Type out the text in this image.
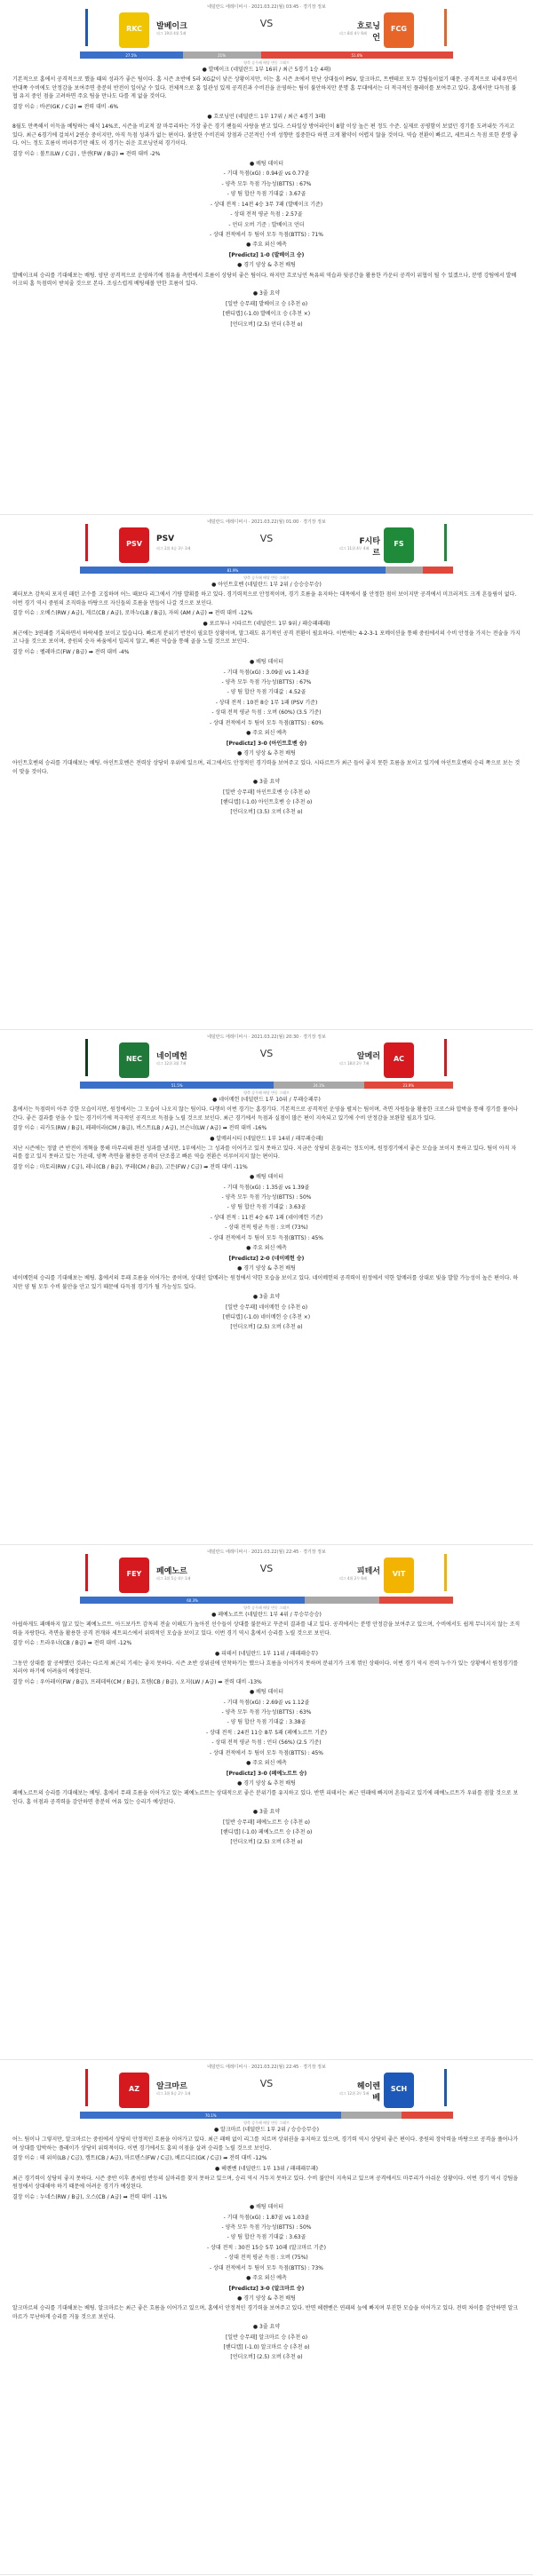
네덜란드 에레디비시 · 2021.03.22(월) 03:45 · 경기장 정보
RKC	FCG
발베이크
리그 19위 4위 5패
흐로닝언
리그 8위 4무 6패
VS
27.5%	21%	51.6%
양측 승무패 배당 변동 그래프
● 발베이크 (네덜란드 1부 16위 / 최근 5경기 1승 4패)
기본적으로 홈에서 공격적으로 했을 때의 성과가 좋은 팀이다. 홈 시즌 초반에 5라 XG값이 낮은 상황이지만, 이는 홈 시즌 초에서 만난 상대들이 PSV, 알크마르, 트벤테로 모두 강팀들이었기 때문. 공격적으로 내세우면서 반대쪽 수비에도 안정감을 보여주면 충분히 반전이 일어날 수 있다. 전체적으로 홈 일관성 있게 공격진과 수비진을 운영하는 팀이 불안하지만 분명 홈 무대에서는 더 적극적인 플레이를 보여주고 있다. 홈에서만 다득점 불협 유지 중인 점을 고려하면 주요 팀을 만나도 다를 게 없을 것이다.
결장 이슈 : 바콘(GK / C급) ➡ 전력 대비 -6%
● 흐로닝언 (네덜란드 1부 17위 / 최근 4경기 3패)
8월도 만족해서 이득을 베팅하는 해석 14%로, 시즌을 비교적 잘 마무리하는 가장 좋은 경기 팬들의 사랑을 받고 있다. 스타일상 방어라인이 8할 이상 높은 편 정도 수준. 실제로 공평함이 보였던 경기를 도려내듯 가지고 있다. 최근 6경기에 걸쳐서 2연승 중이지만, 아직 득점 성과가 없는 편이다. 불안한 수비진의 장점과 근본적인 수비 성향만 집중한다 하면 크게 활약이 어렵지 않을 것이다. 역습 전환이 빠르고, 세트피스 득점 또한 분명 좋다. 어느 정도 흐름이 버텨주기만 해도 이 경기는 쉬운 흐로닝언의 경기이다.
결장 이슈 : 볼트(LW / C급) , 얀센(FW / B급) ➡ 전력 대비 -2%
● 배팅 데이터
- 기대 득점(xG) : 0.94골 vs 0.77골
- 양측 모두 득점 가능성(BTTS) : 67%
- 양 팀 합산 득점 기대값 : 3.67골
- 상대 전적 : 14전 4승 3무 7패 (발베이크 기준)
- 상대 전적 평균 득점 : 2.57골
- 언더 오버 기준 : 발베이크 언더
- 상대 전적에서 두 팀이 모두 득점(BTTS) : 71%
● 주요 외신 예측
[Predictz] 1-0 (발베이크 승)
● 경기 양상 & 추천 배팅
발베이크의 승리를 기대해보는 배팅. 양단 공격적으로 운영하기에 점유율 측면에서 흐름이 상당히 좋은 팀이다. 하지만 흐로닝언 특유의 역습과 뒷공간을 활용한 카운터 공격이 위협이 될 수 있겠으나, 분명 강팀에서 발베이크의 홈 득점력이 받쳐줄 것으로 본다. 조심스럽게 베팅해볼 만한 흐름이 있다.
● 3줄 요약
[일반 승무패] 발베이크 승 (추천 o)
[핸디캡] (-1.0) 발베이크 승 (추천 ×)
[언더오버] (2.5) 언더 (추천 o)
네덜란드 에레디비시 · 2021.03.22(월) 01:00 · 경기장 정보
PSV	FS
PSV
리그 2위 4승 3무 3패
F시타르
리그 11위 4무 4패
VS
81.9%
양측 승무패 배당 변동 그래프
● 아인트호벤 (네덜란드 1부 2위 / 승승승무승)
페터보츠 감독의 포지션 패턴 고수를 고집하며 어느 때보다 리그에서 기량 발휘를 하고 있다. 경기력적으로 안정적이며, 경기 흐름을 유지하는 대목에서 불 안정한 점이 보이지만 공격에서 미끄러져도 크게 흔들림이 없다. 이번 경기 역시 중원의 조직력을 바탕으로 자신들의 흐름을 만들어 나갈 것으로 보인다.
결장 이슈 : 오베스(RW / A급), 게르(CB / A급), 로마누(LB / B급), 자의 (AM / A급) ➡ 전력 대비 -12%
● 포르투나 시타르트 (네덜란드 1부 9위 / 패승패패패)
최근에는 3연패를 기록하면서 하락세를 보이고 있습니다. 빠르게 분위기 반전이 필요한 상황이며, 말그래도 유기적인 공격 전환이 필요하다. 이번에는 4-2-3-1 포메이션을 통해 중원에서의 수비 안정을 가지는 전술을 가지고 나올 것으로 보이며, 중원의 숫자 싸움에서 밀리지 않고, 빠른 역습을 통해 골을 노릴 것으로 보인다.
결장 이슈 : 펠레마르(FW / B급) ➡ 전력 대비 -4%
● 배팅 데이터
- 기대 득점(xG) : 3.09골 vs 1.43골
- 양측 모두 득점 가능성(BTTS) : 67%
- 양 팀 합산 득점 기대값 : 4.52골
- 상대 전적 : 10전 8승 1무 1패 (PSV 기준)
- 상대 전적 평균 득점 : 오버 (60%) (3.5 기준)
- 상대 전적에서 두 팀이 모두 득점(BTTS) : 60%
● 주요 외신 예측
[Predictz] 3-0 (아인트호벤 승)
● 경기 양상 & 추천 배팅
아인트호벤의 승리를 기대해보는 베팅. 아인트호벤은 전력상 상당히 우위에 있으며, 리그에서도 안정적인 경기력을 보여주고 있다. 시타르트가 최근 들어 좋지 못한 흐름을 보이고 있기에 아인트호벤의 승리 쪽으로 보는 것이 맞을 것이다.
● 3줄 요약
[일반 승무패] 아인트호벤 승 (추천 o)
[핸디캡] (-1.0) 아인트호벤 승 (추천 o)
[언더오버] (3.5) 오버 (추천 o)
네덜란드 에레디비시 · 2021.03.22(월) 20:30 · 경기장 정보
NEC	AC
네이메헌
리그 12위 3위 7패
알메러
리그 18위 2무 7패
VS
51.5%	24.1%	23.9%
양측 승무패 배당 변동 그래프
● 네이메헌 (네덜란드 1부 10위 / 무패승패무)
홈에서는 득점력이 아주 강한 모습이지만, 원정에서는 그 모습이 나오지 않는 팀이다. 다행히 이번 경기는 홈경기다. 기본적으로 공격적인 운영을 펼치는 팀이며, 측면 자원들을 활용한 크로스와 압박을 통해 경기를 풀어나간다. 좋은 결과를 얻을 수 있는 경기이기에 적극적인 공격으로 득점을 노릴 것으로 보인다. 최근 경기에서 득점과 실점이 많은 편이 지속되고 있기에 수비 안정감을 보완할 필요가 있다.
결장 이슈 : 리카도(RW / B급), 페레이라(CM / B급), 버스트(LB / A급), 브슨너(LW / A급) ➡ 전력 대비 -16%
● 알메러시티 (네덜란드 1부 14위 / 패무패승패)
지난 시즌에는 정말 큰 반전이 개혁을 통해 마무리해 완전 성과를 냈지만, 1부에서는 그 성과를 이어가고 있지 못하고 있다. 지금은 상당히 흔들리는 정도이며, 원정경기에서 좋은 모습을 보이지 못하고 있다. 팀이 아직 자리를 잡고 있지 못하고 있는 가운데, 양쪽 측면을 활용한 공격이 단조롭고 빠른 역습 전환은 이루어지지 않는 편이다.
결장 이슈 : 마토리(RW / C급), 레니(CB / B급), 쿠레(CM / B급), 고든(FW / C급) ➡ 전력 대비 -11%
● 배팅 데이터
- 기대 득점(xG) : 1.35골 vs 1.39골
- 양측 모두 득점 가능성(BTTS) : 50%
- 양 팀 합산 득점 기대값 : 3.63골
- 상대 전적 : 11전 4승 6무 1패 (네이메헌 기준)
- 상대 전적 평균 득점 : 오버 (73%)
- 상대 전적에서 두 팀이 모두 득점(BTTS) : 45%
● 주요 외신 예측
[Predictz] 2-0 (네이메헌 승)
● 경기 양상 & 추천 배팅
네이메헌의 승리를 기대해보는 베팅. 홈에서의 무패 흐름을 이어가는 중이며, 상대인 알메러는 원정에서 약한 모습을 보이고 있다. 네이메헌의 공격력이 원정에서 약한 알메러를 상대로 빛을 발할 가능성이 높은 편이다. 하지만 양 팀 모두 수비 불안을 안고 있기 때문에 다득점 경기가 될 가능성도 있다.
● 3줄 요약
[일반 승무패] 네이메헌 승 (추천 o)
[핸디캡] (-1.0) 네이메헌 승 (추천 ×)
[언더오버] (2.5) 오버 (추천 o)
네덜란드 에레디비시 · 2021.03.22(월) 22:45 · 경기장 정보
FEY	VIT
페예노르
리그 3위 5승 4무 1패
피테서
리그 4위 2무 6패
VS
60.3%
양측 승무패 배당 변동 그래프
● 페예노르트 (네덜란드 1부 4위 / 무승무승승)
아쉽하게도 패배하지 않고 있는 페예노르트. 아드보카트 감독의 전술 이해도가 높아진 선수들이 상대를 불문하고 꾸준히 결과를 내고 있다. 공격에서는 분명 안정감을 보여주고 있으며, 수비에서도 쉽게 무너지지 않는 조직력을 자랑한다. 측면을 활용한 공격 전개와 세트피스에서 위력적인 모습을 보이고 있다. 이번 경기 역시 홈에서 승리를 노릴 것으로 보인다.
결장 이슈 : 트라우너(CB / B급) ➡ 전력 대비 -12%
● 피테서 (네덜란드 1부 11위 / 패패패승무)
그동안 상대를 잘 공략했던 것과는 다르게 최근의 기세는 좋지 못하다. 시즌 초반 상위권에 안착하기는 했으나 흐름을 이어가지 못하며 분위기가 크게 꺾인 상태이다. 이번 경기 역시 전력 누수가 있는 상황에서 원정경기를 치러야 하기에 어려움이 예상된다.
결장 이슈 : 우아레이(FW / B급), 프레데릭(CM / B급), 흐렘(CB / B급), 오지(LW / A급) ➡ 전력 대비 -13%
● 배팅 데이터
- 기대 득점(xG) : 2.69골 vs 1.12골
- 양측 모두 득점 가능성(BTTS) : 63%
- 양 팀 합산 득점 기대값 : 3.38골
- 상대 전적 : 24전 11승 8무 5패 (페예노르트 기준)
- 상대 전적 평균 득점 : 언더 (56%) (2.5 기준)
- 상대 전적에서 두 팀이 모두 득점(BTTS) : 45%
● 주요 외신 예측
[Predictz] 3-0 (페예노르트 승)
● 경기 양상 & 추천 배팅
페예노르트의 승리를 기대해보는 베팅. 홈에서 무패 흐름을 이어가고 있는 페예노르트는 상대적으로 좋은 분위기를 유지하고 있다. 반면 피테서는 최근 연패에 빠지며 흔들리고 있기에 페예노르트가 우위를 점할 것으로 보인다. 홈 이점과 공격력을 감안하면 충분히 여유 있는 승리가 예상된다.
● 3줄 요약
[일반 승무패] 페예노르트 승 (추천 o)
[핸디캡] (-1.0) 페예노르트 승 (추천 o)
[언더오버] (2.5) 오버 (추천 o)
네덜란드 에레디비시 · 2021.03.22(월) 22:45 · 경기장 정보
AZ	SCH
알크마르
리그 3위 6승 2무 1패
헤이렌베
리그 12위 3무 5패
VS
70.1%
양측 승무패 배당 변동 그래프
● 알크마르 (네덜란드 1부 2위 / 승승승무승)
어느 팀이나 그렇지만, 알크마르는 중원에서 상당히 안정적인 흐름을 이어가고 있다. 최근 패배 없이 리그를 치르며 상위권을 유지하고 있으며, 경기력 역시 상당히 좋은 편이다. 중원의 장악력을 바탕으로 공격을 풀어나가며 상대를 압박하는 플레이가 상당히 위력적이다. 이번 경기에서도 홈의 이점을 살려 승리를 노릴 것으로 보인다.
결장 이슈 : 테 위히(LB / C급), 캠트(CB / A급), 마르텐스(FW / C급), 베르디르(GK / C급) ➡ 전력 대비 -12%
● 헤렌벤 (네덜란드 1부 13위 / 패패패무패)
최근 경기력이 상당히 좋지 못하다. 시즌 중반 이후 좀처럼 반등의 실마리를 찾지 못하고 있으며, 승리 역시 거두지 못하고 있다. 수비 불안이 지속되고 있으며 공격에서도 마무리가 아쉬운 상황이다. 이번 경기 역시 강팀을 원정에서 상대해야 하기 때문에 어려운 경기가 예상된다.
결장 이슈 : 누네스(RW / B급), 오스(CB / A급) ➡ 전력 대비 -11%
● 배팅 데이터
- 기대 득점(xG) : 1.87골 vs 1.03골
- 양측 모두 득점 가능성(BTTS) : 50%
- 양 팀 합산 득점 기대값 : 3.63골
- 상대 전적 : 30전 15승 5무 10패 (알크마르 기준)
- 상대 전적 평균 득점 : 오버 (75%)
- 상대 전적에서 두 팀이 모두 득점(BTTS) : 73%
● 주요 외신 예측
[Predictz] 3-0 (알크마르 승)
● 경기 양상 & 추천 배팅
알크마르의 승리를 기대해보는 베팅. 알크마르는 최근 좋은 흐름을 이어가고 있으며, 홈에서 안정적인 경기력을 보여주고 있다. 반면 헤렌벤은 연패의 늪에 빠지며 부진한 모습을 이어가고 있다. 전력 차이를 감안하면 알크마르가 무난하게 승리를 거둘 것으로 보인다.
● 3줄 요약
[일반 승무패] 알크마르 승 (추천 o)
[핸디캡] (-1.0) 알크마르 승 (추천 o)
[언더오버] (2.5) 오버 (추천 o)
